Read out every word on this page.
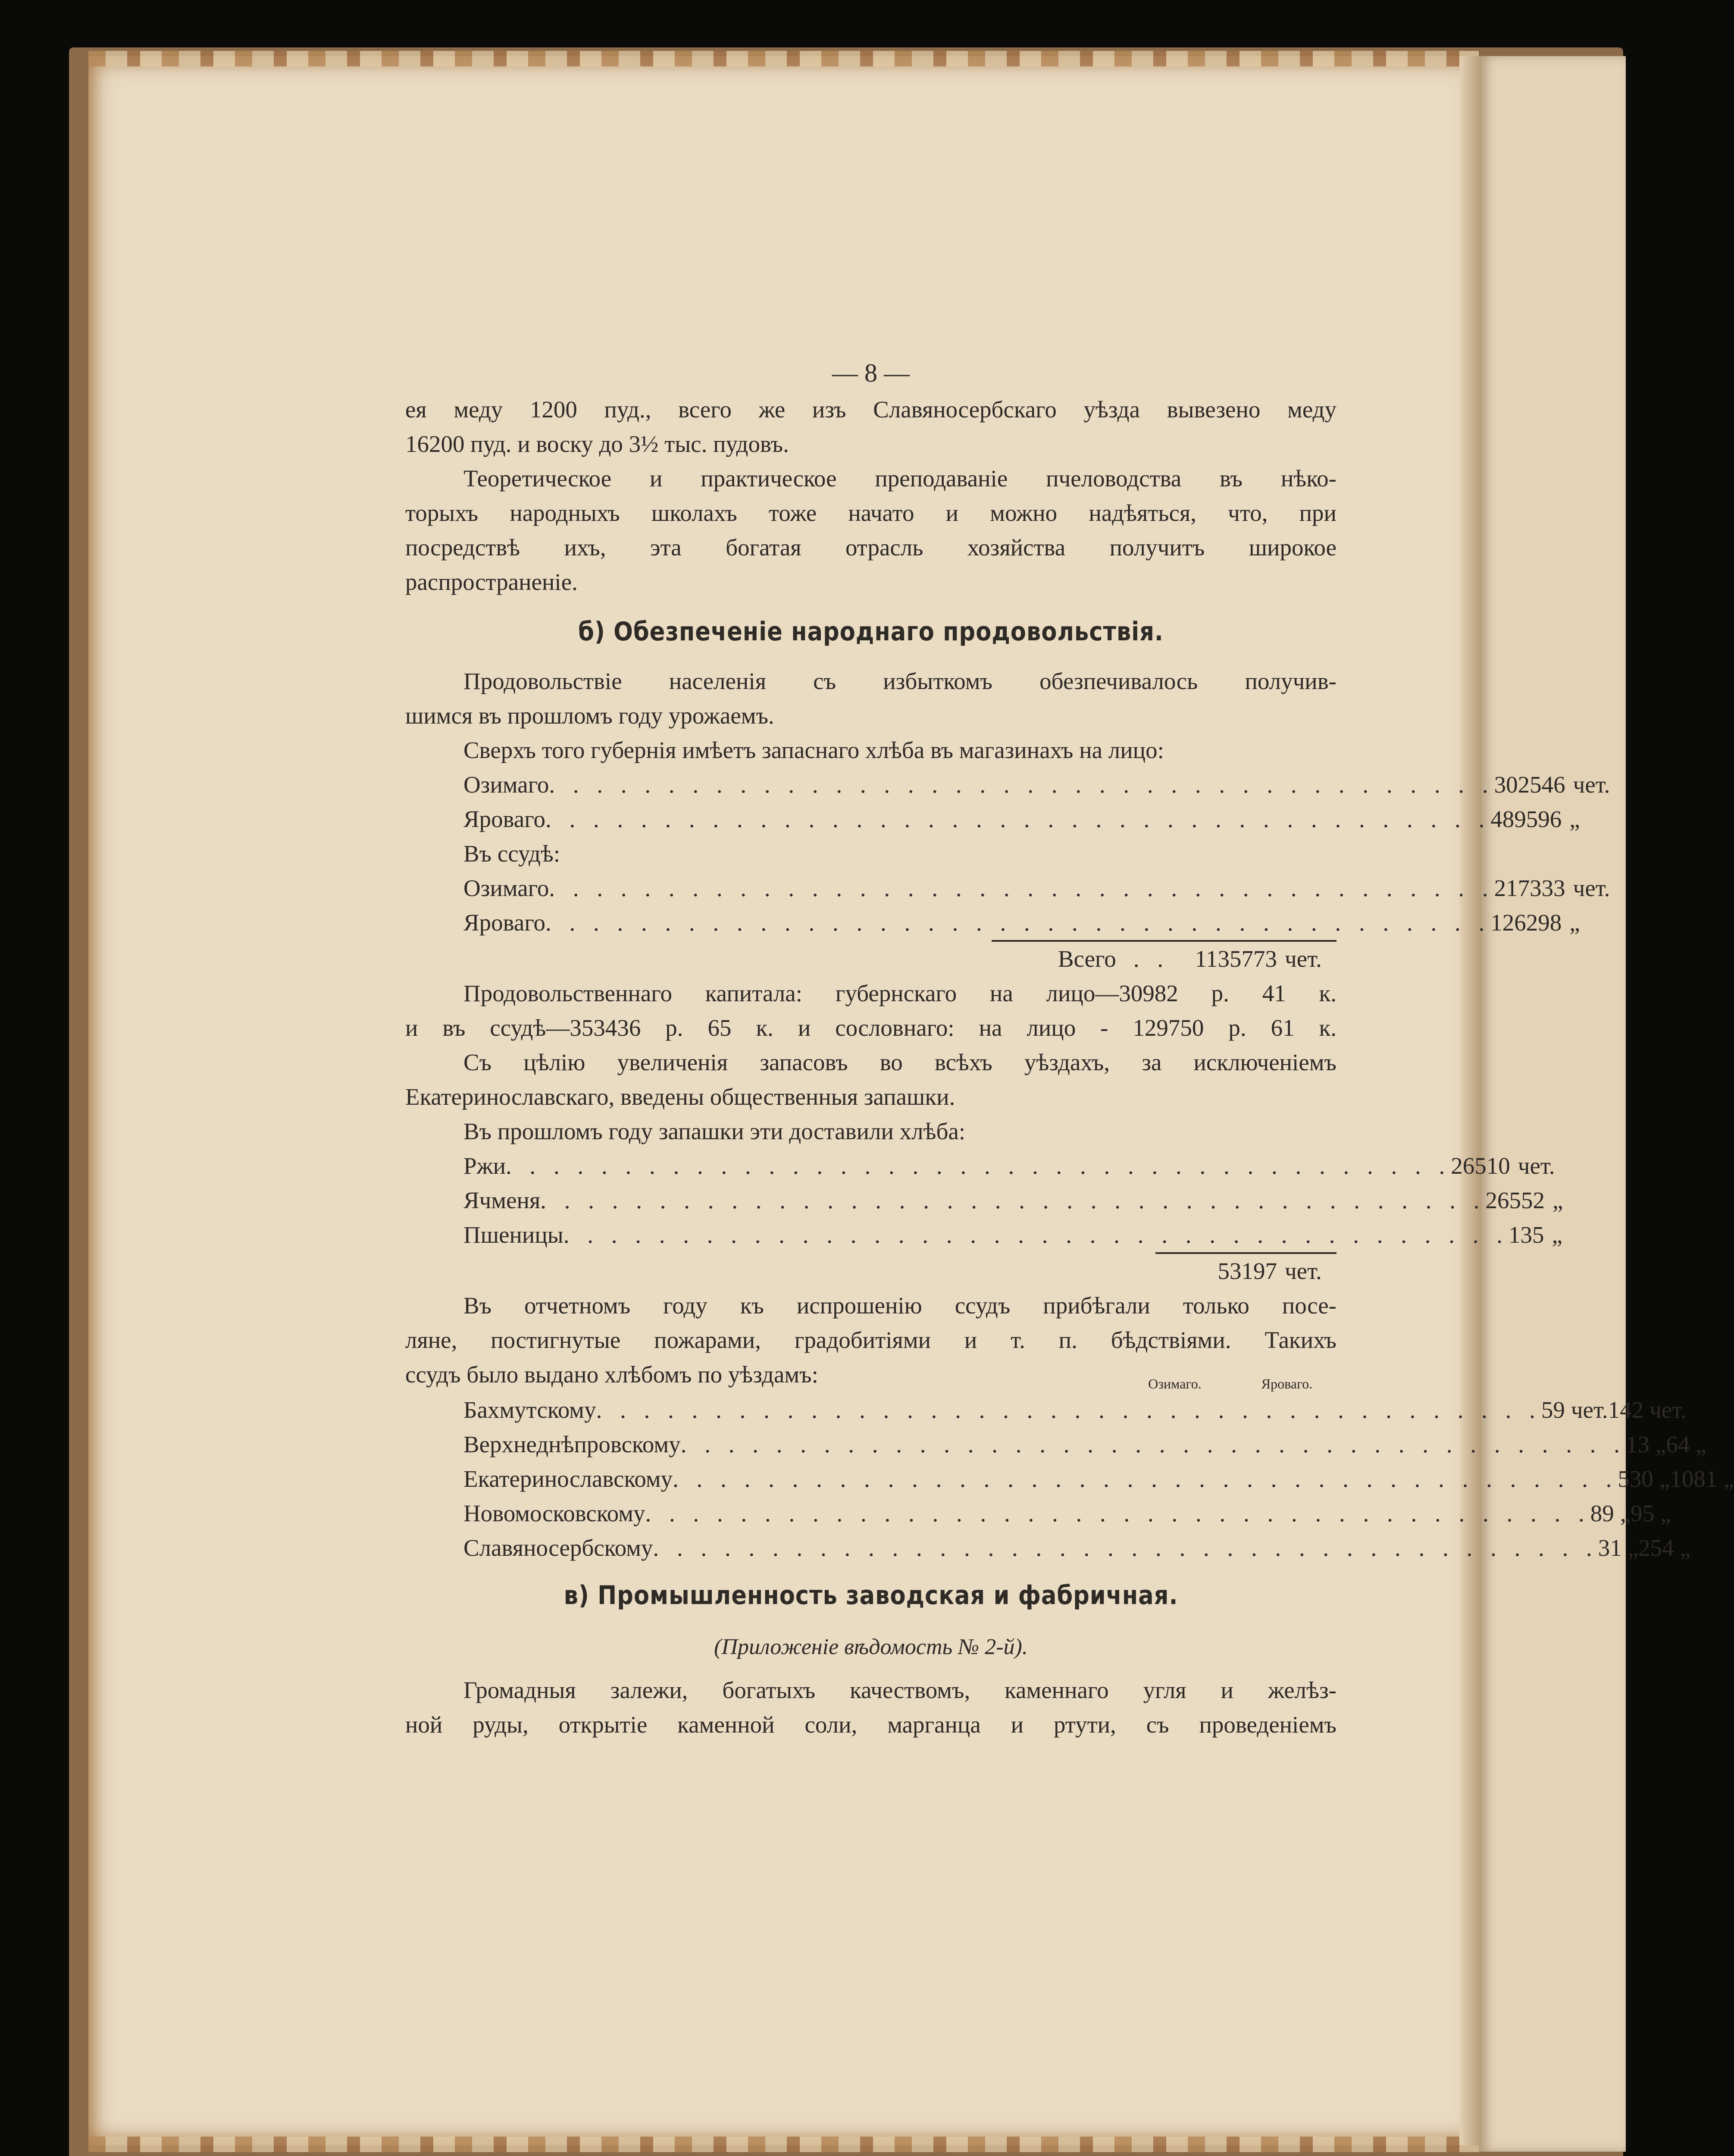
— 8 —

ея меду 1200 пуд., всего же изъ Славяносербскаго уѣзда вывезено меду

16200 пуд. и воску до 3½ тыс. пудовъ.

Теоретическое и практическое преподаванiе пчеловодства въ нѣко-

торыхъ народныхъ школахъ тоже начато и можно надѣяться, что, при

посредствѣ ихъ, эта богатая отрасль хозяйства получитъ широкое

распространенiе.

б) Обезпеченiе народнаго продовольствiя.

Продовольствiе населенiя съ избыткомъ обезпечивалось получив-

шимся въ прошломъ году урожаемъ.

Сверхъ того губернiя имѣетъ запаснаго хлѣба въ магазинахъ на лицо:

Озимаго . . . . . . . . . . . . . . . . . . . . . . . . . . . . . . . . . . . . . . . . 302546 чет.
Яроваго . . . . . . . . . . . . . . . . . . . . . . . . . . . . . . . . . . . . . . . . 489596 „
Въ ссудѣ:
Озимаго . . . . . . . . . . . . . . . . . . . . . . . . . . . . . . . . . . . . . . . . 217333 чет.
Яроваго . . . . . . . . . . . . . . . . . . . . . . . . . . . . . . . . . . . . . . . . 126298 „
Всего . .	1135773 чет.

Продовольственнаго капитала: губернскаго на лицо—30982 р. 41 к.

и въ ссудѣ—353436 р. 65 к. и сословнаго: на лицо - 129750 р. 61 к.

Съ цѣлiю увеличенiя запасовъ во всѣхъ уѣздахъ, за исключенiемъ

Екатеринославскаго, введены общественныя запашки.

Въ прошломъ году запашки эти доставили хлѣба:

Ржи . . . . . . . . . . . . . . . . . . . . . . . . . . . . . . . . . . . . . . . . 26510 чет.
Ячменя . . . . . . . . . . . . . . . . . . . . . . . . . . . . . . . . . . . . . . . . 26552 „
Пшеницы . . . . . . . . . . . . . . . . . . . . . . . . . . . . . . . . . . . . . . . . 135 „
53197 чет.

Въ отчетномъ году къ испрошенiю ссудъ прибѣгали только посе-

ляне, постигнутые пожарами, градобитiями и т. п. бѣдствiями. Такихъ

ссудъ было выдано хлѣбомъ по уѣздамъ:	Озимаго.	Яроваго.
Бахмутскому . . . . . . . . . . . . . . . . . . . . . . . . . . . . . . . . . . . . . . . . 59 чет. 142 чет.
Верхнеднѣпровскому . . . . . . . . . . . . . . . . . . . . . . . . . . . . . . . . . . . . . . . . 13 „ 64 „
Екатеринославскому . . . . . . . . . . . . . . . . . . . . . . . . . . . . . . . . . . . . . . . . 530 „ 1081 „
Новомосковскому . . . . . . . . . . . . . . . . . . . . . . . . . . . . . . . . . . . . . . . . 89 „ 95 „
Славяносербскому . . . . . . . . . . . . . . . . . . . . . . . . . . . . . . . . . . . . . . . . 31 „ 254 „
в) Промышленность заводская и фабричная.
(Приложенiе вѣдомость № 2-й).

Громадныя залежи, богатыхъ качествомъ, каменнаго угля и желѣз-

ной руды, открытiе каменной соли, марганца и ртути, съ проведенiемъ
